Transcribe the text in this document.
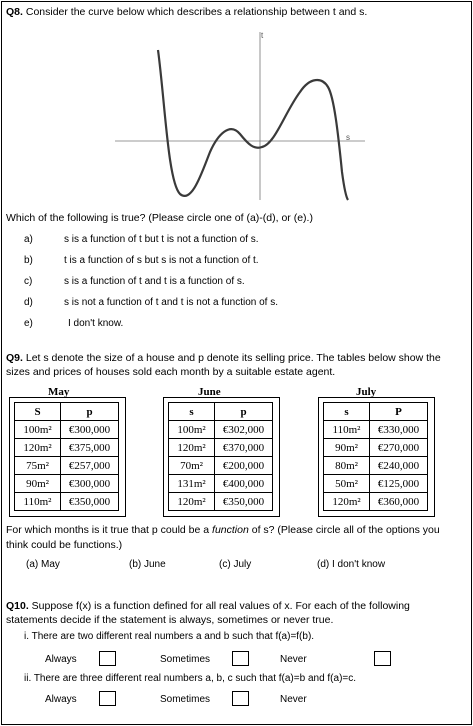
Q8. Consider the curve below which describes a relationship between t and s.
t
s
Which of the following is true? (Please circle one of (a)-(d), or (e).)
a)	s is a function of t but t is not a function of s.
b)	t is a function of s but s is not a function of t.
c)	s is a function of t and t is a function of s.
d)	s is not a function of t and t is not a function of s.
e)	I don't know.
Q9. Let s denote the size of a house and p denote its selling price. The tables below show the
sizes and prices of houses sold each month by a suitable estate agent.
May
S	p
100m²	€300,000
120m²	€375,000
75m²	€257,000
90m²	€300,000
110m²	€350,000
June
s	p
100m²	€302,000
120m²	€370,000
70m²	€200,000
131m²	€400,000
120m²	€350,000
July
s	P
110m²	€330,000
90m²	€270,000
80m²	€240,000
50m²	€125,000
120m²	€360,000
For which months is it true that p could be a function of s? (Please circle all of the options you
think could be functions.)
(a) May	(b) June	(c) July	(d) I don't know
Q10. Suppose f(x) is a function defined for all real values of x. For each of the following
statements decide if the statement is always, sometimes or never true.
i. There are two different real numbers a and b such that f(a)=f(b).
Always	Sometimes	Never
ii. There are three different real numbers a, b, c such that f(a)=b and f(a)=c.
Always	Sometimes	Never
